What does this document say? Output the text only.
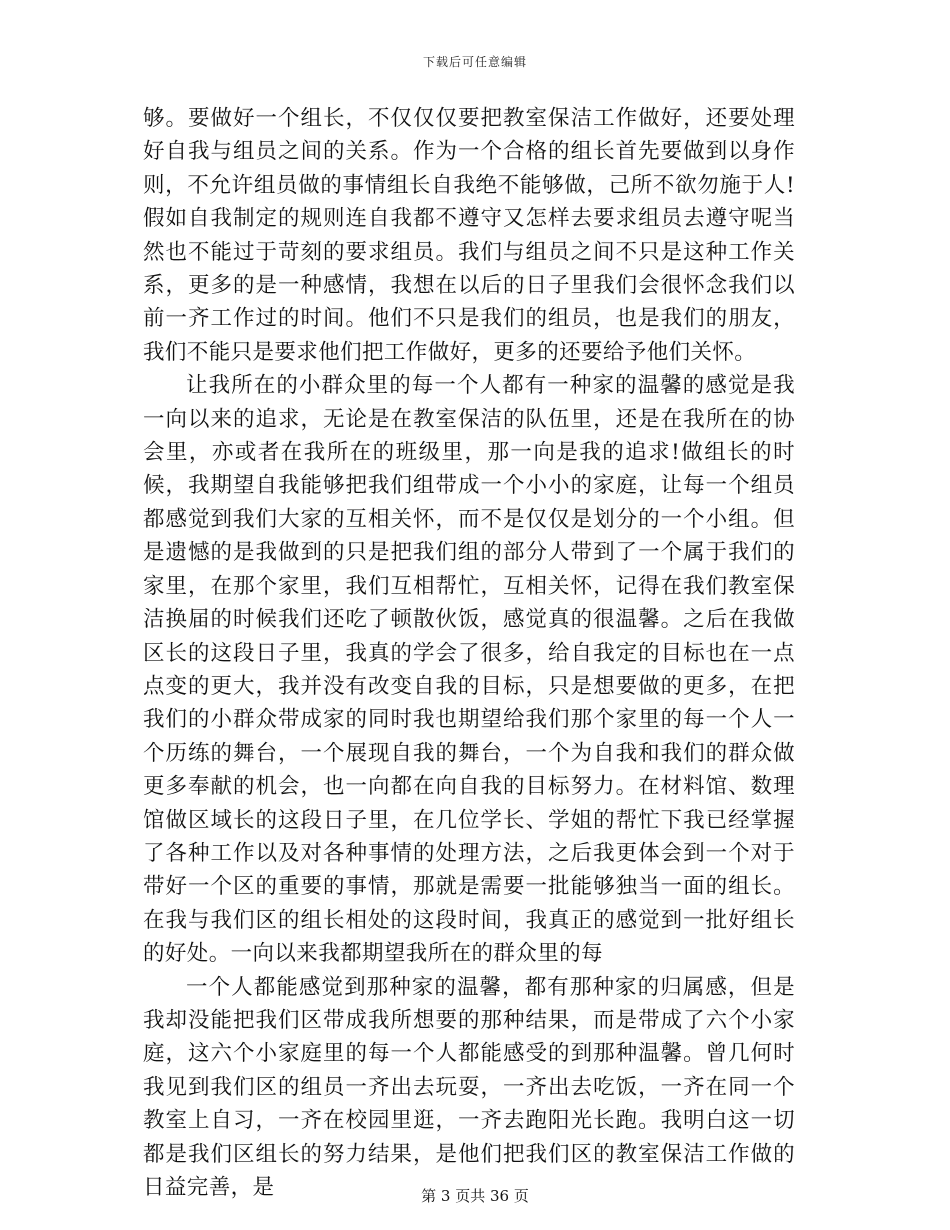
下载后可任意编辑

够。要做好一个组长，不仅仅仅要把教室保洁工作做好，还要处理好自我与组员之间的关系。作为一个合格的组长首先要做到以身作则，不允许组员做的事情组长自我绝不能够做，己所不欲勿施于人!假如自我制定的规则连自我都不遵守又怎样去要求组员去遵守呢当然也不能过于苛刻的要求组员。我们与组员之间不只是这种工作关系，更多的是一种感情，我想在以后的日子里我们会很怀念我们以前一齐工作过的时间。他们不只是我们的组员，也是我们的朋友，我们不能只是要求他们把工作做好，更多的还要给予他们关怀。

让我所在的小群众里的每一个人都有一种家的温馨的感觉是我一向以来的追求，无论是在教室保洁的队伍里，还是在我所在的协会里，亦或者在我所在的班级里，那一向是我的追求!做组长的时候，我期望自我能够把我们组带成一个小小的家庭，让每一个组员都感觉到我们大家的互相关怀，而不是仅仅是划分的一个小组。但是遗憾的是我做到的只是把我们组的部分人带到了一个属于我们的家里，在那个家里，我们互相帮忙，互相关怀，记得在我们教室保洁换届的时候我们还吃了顿散伙饭，感觉真的很温馨。之后在我做区长的这段日子里，我真的学会了很多，给自我定的目标也在一点点变的更大，我并没有改变自我的目标，只是想要做的更多，在把我们的小群众带成家的同时我也期望给我们那个家里的每一个人一个历练的舞台，一个展现自我的舞台，一个为自我和我们的群众做更多奉献的机会，也一向都在向自我的目标努力。在材料馆、数理馆做区域长的这段日子里，在几位学长、学姐的帮忙下我已经掌握了各种工作以及对各种事情的处理方法，之后我更体会到一个对于带好一个区的重要的事情，那就是需要一批能够独当一面的组长。在我与我们区的组长相处的这段时间，我真正的感觉到一批好组长的好处。一向以来我都期望我所在的群众里的每

一个人都能感觉到那种家的温馨，都有那种家的归属感，但是我却没能把我们区带成我所想要的那种结果，而是带成了六个小家庭，这六个小家庭里的每一个人都能感受的到那种温馨。曾几何时我见到我们区的组员一齐出去玩耍，一齐出去吃饭，一齐在同一个教室上自习，一齐在校园里逛，一齐去跑阳光长跑。我明白这一切都是我们区组长的努力结果，是他们把我们区的教室保洁工作做的日益完善，是	第 3 页共 36 页
